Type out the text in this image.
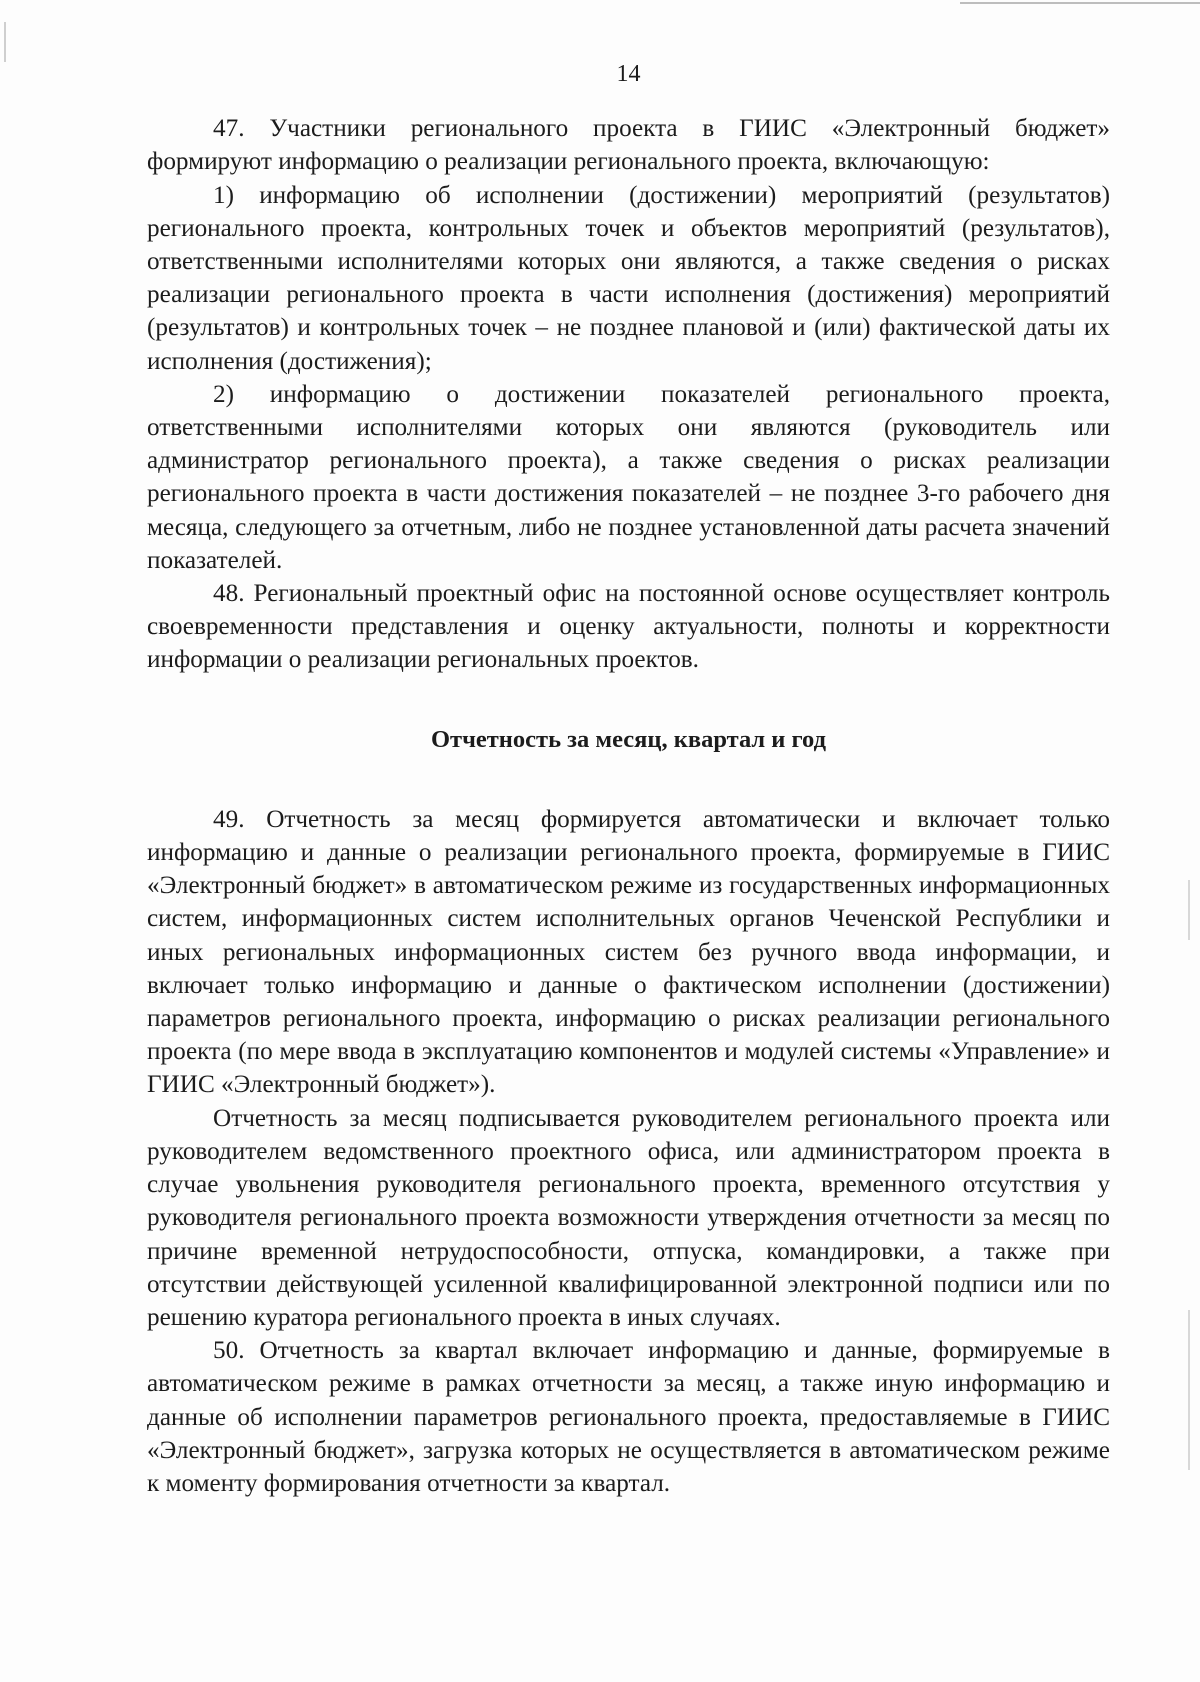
14

47. Участники регионального проекта в ГИИС «Электронный бюджет» формируют информацию о реализации регионального проекта, включающую:

1) информацию об исполнении (достижении) мероприятий (результатов) регионального проекта, контрольных точек и объектов мероприятий (результатов), ответственными исполнителями которых они являются, а также сведения о рисках реализации регионального проекта в части исполнения (достижения) мероприятий (результатов) и контрольных точек – не позднее плановой и (или) фактической даты их исполнения (достижения);

2) информацию о достижении показателей регионального проекта, ответственными исполнителями которых они являются (руководитель или администратор регионального проекта), а также сведения о рисках реализации регионального проекта в части достижения показателей – не позднее 3-го рабочего дня месяца, следующего за отчетным, либо не позднее установленной даты расчета значений показателей.

48. Региональный проектный офис на постоянной основе осуществляет контроль своевременности представления и оценку актуальности, полноты и корректности информации о реализации региональных проектов.

Отчетность за месяц, квартал и год

49. Отчетность за месяц формируется автоматически и включает только информацию и данные о реализации регионального проекта, формируемые в ГИИС «Электронный бюджет» в автоматическом режиме из государственных информационных систем, информационных систем исполнительных органов Чеченской Республики и иных региональных информационных систем без ручного ввода информации, и включает только информацию и данные о фактическом исполнении (достижении) параметров регионального проекта, информацию о рисках реализации регионального проекта (по мере ввода в эксплуатацию компонентов и модулей системы «Управление» и ГИИС «Электронный бюджет»).

Отчетность за месяц подписывается руководителем регионального проекта или руководителем ведомственного проектного офиса, или администратором проекта в случае увольнения руководителя регионального проекта, временного отсутствия у руководителя регионального проекта возможности утверждения отчетности за месяц по причине временной нетрудоспособности, отпуска, командировки, а также при отсутствии действующей усиленной квалифицированной электронной подписи или по решению куратора регионального проекта в иных случаях.

50. Отчетность за квартал включает информацию и данные, формируемые в автоматическом режиме в рамках отчетности за месяц, а также иную информацию и данные об исполнении параметров регионального проекта, предоставляемые в ГИИС «Электронный бюджет», загрузка которых не осуществляется в автоматическом режиме к моменту формирования отчетности за квартал.
